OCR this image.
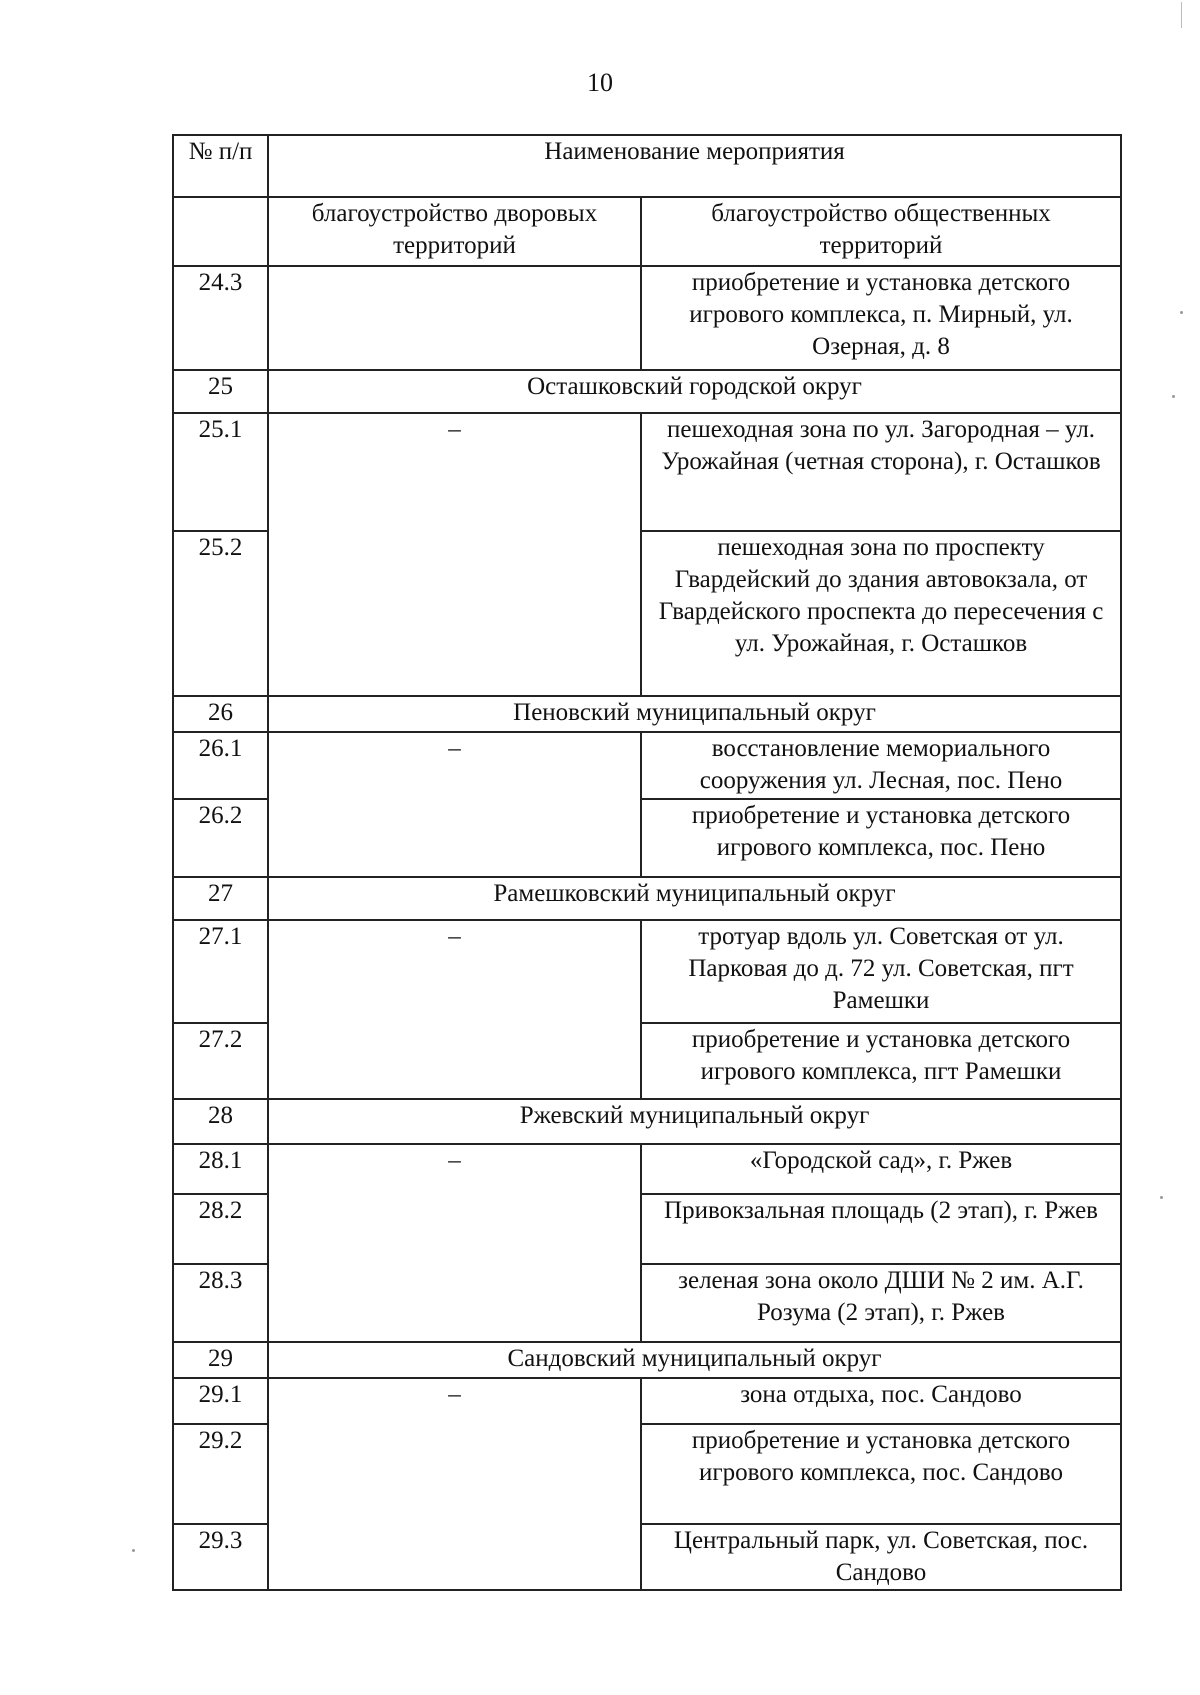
10
№ п/п	Наименование мероприятия	
	благоустройство дворовых территорий	благоустройство общественных территорий
24.3		приобретение и установка детского игрового комплекса, п. Мирный, ул. Озерная, д. 8
25	Осташковский городской округ	
25.1	–	пешеходная зона по ул. Загородная – ул. Урожайная (четная сторона), г. Осташков
25.2		пешеходная зона по проспекту Гвардейский до здания автовокзала, от Гвардейского проспекта до пересечения с ул. Урожайная, г. Осташков
26	Пеновский муниципальный округ	
26.1	–	восстановление мемориального сооружения ул. Лесная, пос. Пено
26.2		приобретение и установка детского игрового комплекса, пос. Пено
27	Рамешковский муниципальный округ	
27.1	–	тротуар вдоль ул. Советская от ул. Парковая до д. 72 ул. Советская, пгт Рамешки
27.2		приобретение и установка детского игрового комплекса, пгт Рамешки
28	Ржевский муниципальный округ	
28.1	–	«Городской сад», г. Ржев
28.2		Привокзальная площадь (2 этап), г. Ржев
28.3		зеленая зона около ДШИ № 2 им. А.Г. Розума (2 этап), г. Ржев
29	Сандовский муниципальный округ	
29.1	–	зона отдыха, пос. Сандово
29.2		приобретение и установка детского игрового комплекса, пос. Сандово
29.3		Центральный парк, ул. Советская, пос. Сандово
